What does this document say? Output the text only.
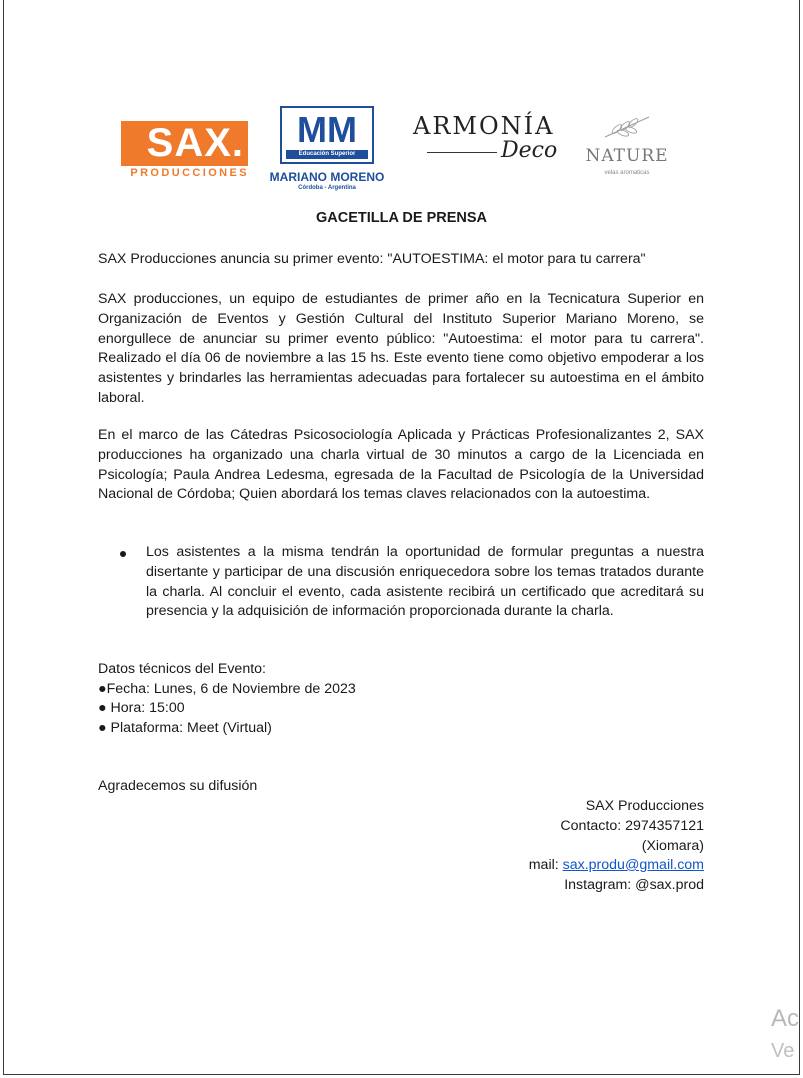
SAX.
PRODUCCIONES
MM
Educación Superior
MARIANO MORENO
Córdoba - Argentina
ARMONÍA
Deco NATURE
velas aromaticas
GACETILLA DE PRENSA
SAX Producciones anuncia su primer evento: "AUTOESTIMA: el motor para tu carrera"
SAX producciones, un equipo de estudiantes de primer año en la Tecnicatura Superior en Organización de Eventos y Gestión Cultural del Instituto Superior Mariano Moreno, se enorgullece de anunciar su primer evento público: "Autoestima: el motor para tu carrera". Realizado el día 06 de noviembre a las 15 hs. Este evento tiene como objetivo empoderar a los asistentes y brindarles las herramientas adecuadas para fortalecer su autoestima en el ámbito laboral.
En el marco de las Cátedras Psicosociología Aplicada y Prácticas Profesionalizantes 2, SAX producciones ha organizado una charla virtual de 30 minutos a cargo de la Licenciada en Psicología; Paula Andrea Ledesma, egresada de la Facultad de Psicología de la Universidad Nacional de Córdoba; Quien abordará los temas claves relacionados con la autoestima.
Los asistentes a la misma tendrán la oportunidad de formular preguntas a nuestra disertante y participar de una discusión enriquecedora sobre los temas tratados durante la charla. Al concluir el evento, cada asistente recibirá un certificado que acreditará su presencia y la adquisición de información proporcionada durante la charla.
Datos técnicos del Evento:
●Fecha: Lunes, 6 de Noviembre de 2023
● Hora: 15:00
● Plataforma: Meet (Virtual)
Agradecemos su difusión
SAX Producciones
Contacto: 2974357121
(Xiomara)
mail: sax.produ@gmail.com
Instagram: @sax.prod
Ac
Ve
